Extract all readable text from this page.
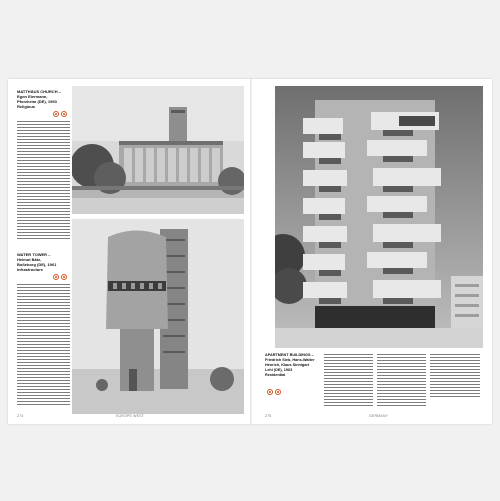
MATTHÄUS CHURCH –
Egon Eiermann,
Pforzheim (DE), 1953
Religious
WATER TOWER –
Helmut Bätz,
Boßeborg (DE), 1961
Infrastructure
274	EUROPE WEST
APARTMENT BUILDINGS –
Friedrich Sieb, Hans-Walter
Henrich, Klaus Sinnigart
Lehl (DE), 1963
Residential
275	GERMANY
